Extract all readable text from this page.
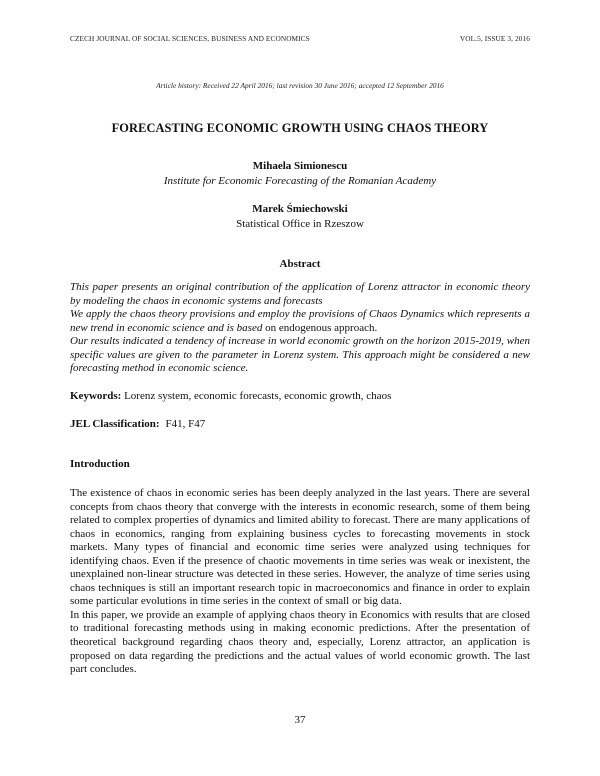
CZECH JOURNAL OF SOCIAL SCIENCES, BUSINESS AND ECONOMICS	VOL.5, ISSUE 3, 2016
Article history: Received 22 April 2016; last revision 30 June 2016; accepted 12 September 2016
FORECASTING ECONOMIC GROWTH USING CHAOS THEORY
Mihaela Simionescu
Institute for Economic Forecasting of the Romanian Academy
Marek Śmiechowski
Statistical Office in Rzeszow
Abstract

This paper presents an original contribution of the application of Lorenz attractor in economic theory by modeling the chaos in economic systems and forecasts

We apply the chaos theory provisions and employ the provisions of Chaos Dynamics which represents a new trend in economic science and is based on endogenous approach.

Our results indicated a tendency of increase in world economic growth on the horizon 2015-2019, when specific values are given to the parameter in Lorenz system. This approach might be considered a new forecasting method in economic science.

Keywords: Lorenz system, economic forecasts, economic growth, chaos
JEL Classification: F41, F47
Introduction

The existence of chaos in economic series has been deeply analyzed in the last years. There are several concepts from chaos theory that converge with the interests in economic research, some of them being related to complex properties of dynamics and limited ability to forecast. There are many applications of chaos in economics, ranging from explaining business cycles to forecasting movements in stock markets. Many types of financial and economic time series were analyzed using techniques for identifying chaos. Even if the presence of chaotic movements in time series was weak or inexistent, the unexplained non-linear structure was detected in these series. However, the analyze of time series using chaos techniques is still an important research topic in macroeconomics and finance in order to explain some particular evolutions in time series in the context of small or big data.

In this paper, we provide an example of applying chaos theory in Economics with results that are closed to traditional forecasting methods using in making economic predictions. After the presentation of theoretical background regarding chaos theory and, especially, Lorenz attractor, an application is proposed on data regarding the predictions and the actual values of world economic growth. The last part concludes.

37
